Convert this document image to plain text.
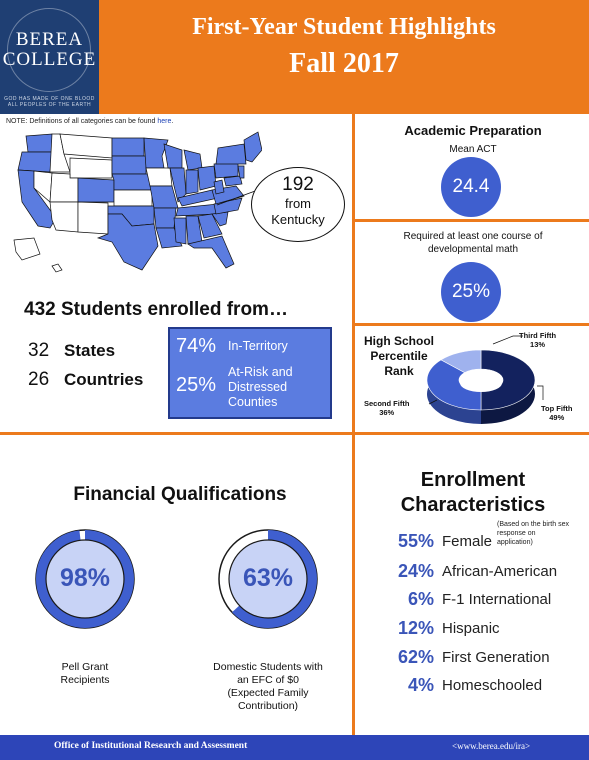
BEREA
COLLEGE
GOD HAS MADE OF ONE BLOOD ALL PEOPLES OF THE EARTH
First-Year Student Highlights
Fall 2017
NOTE: Definitions of all categories can be found here.
192
from
Kentucky
432 Students enrolled from…
32 States
26 Countries
74% In-Territory
25%
At-Risk and
Distressed
Counties
Academic Preparation
Mean ACT
24.4
Required at least one course of
developmental math
25%
High School
Percentile
Rank
Third Fifth
13%
Second Fifth
36%	Top Fifth
49%
Financial Qualifications
98%
Pell Grant
Recipients
63%
Domestic Students with
an EFC of $0
(Expected Family
Contribution)
Enrollment
Characteristics
(Based on the birth sex
response on
application)
55% Female
24% African-American
6% F-1 International
12% Hispanic
62% First Generation
4% Homeschooled
Office of Institutional Research and Assessment	<www.berea.edu/ira>
